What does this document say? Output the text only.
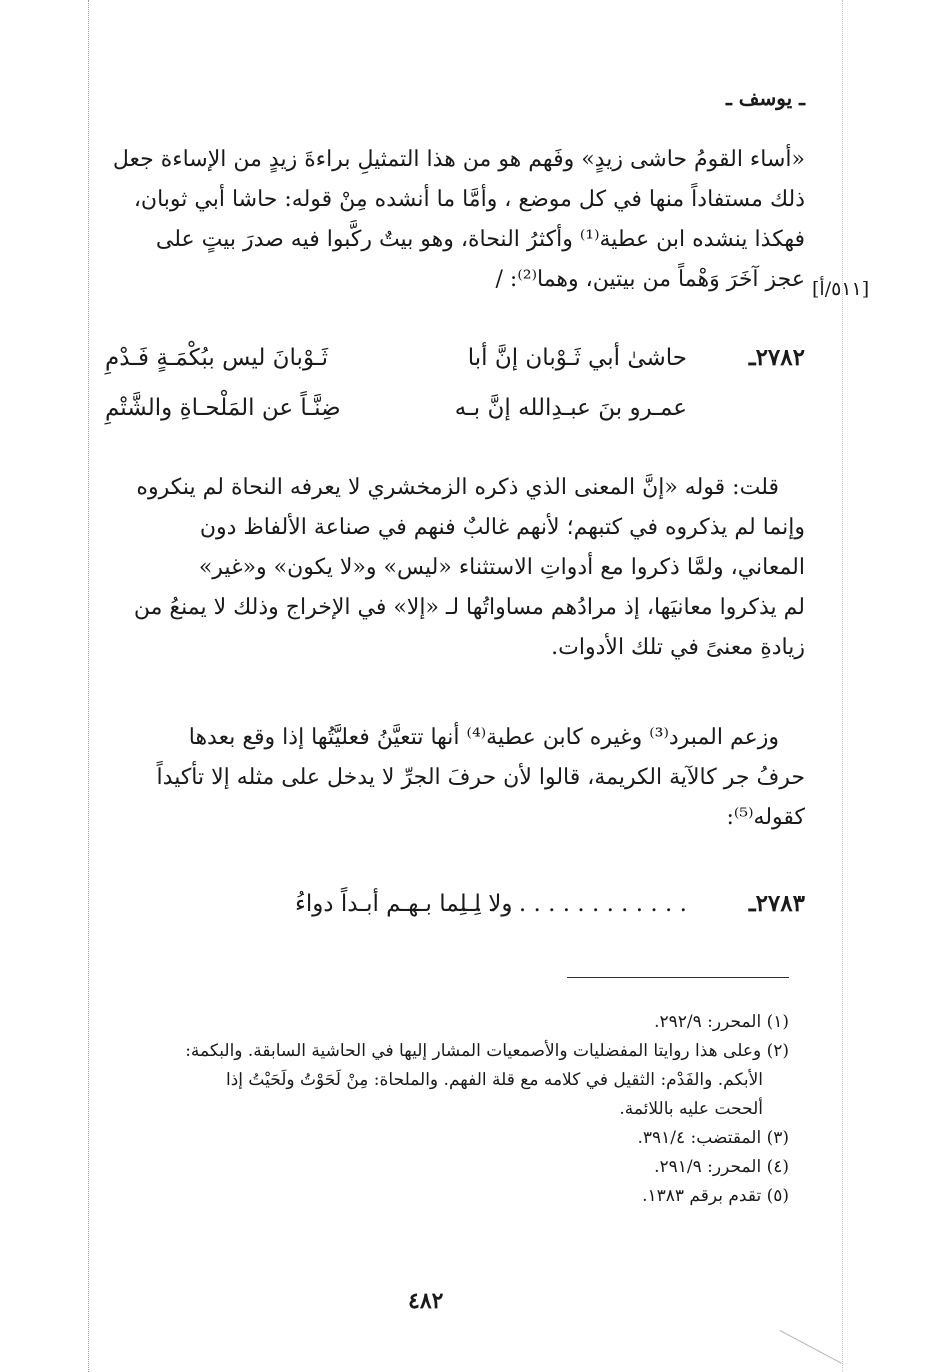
ـ يوسف ـ
[٥١١/أ]
«أساء القومُ حاشى زيدٍ» وفَهم هو من هذا التمثيلِ براءةَ زيدٍ من الإساءة جعل
ذلك مستفاداً منها في كل موضع ، وأمَّا ما أنشده مِنْ قوله: حاشا أبي ثوبان،
فهكذا ينشده ابن عطية⁽¹⁾ وأكثرُ النحاة، وهو بيتٌ ركَّبوا فيه صدرَ بيتٍ على
عجز آخَرَ وَهْماً من بيتين، وهما⁽²⁾: /
٢٧٨٢ـ
حاشىٰ أبي ثَـوْبان إنَّ أبا
ثَـوْبانَ ليس ببُكْمَـةٍ فَـدْمِ
عمـرو بنَ عبـدِالله إنَّ بـه
ضِنَّـاً عن المَلْحـاةِ والشَّتْمِ
قلت: قوله «إنَّ المعنى الذي ذكره الزمخشري لا يعرفه النحاة لم ينكروه
وإنما لم يذكروه في كتبهم؛ لأنهم غالبٌ فنهم في صناعة الألفاظ دون
المعاني، ولمَّا ذكروا مع أدواتِ الاستثناء «ليس» و«لا يكون» و«غير»
لم يذكروا معانيَها، إذ مرادُهم مساواتُها لـ «إلا» في الإخراج وذلك لا يمنعُ من
زيادةِ معنىً في تلك الأدوات.
وزعم المبرد⁽³⁾ وغيره كابن عطية⁽⁴⁾ أنها تتعيَّنُ فعليَّتُها إذا وقع بعدها
حرفُ جر كالآية الكريمة، قالوا لأن حرفَ الجرِّ لا يدخل على مثله إلا تأكيداً
كقوله⁽⁵⁾:
٢٧٨٣ـ
. . . . . . . . . . . . . . . .
ولا لِـلِما بـهـم أبـداً دواءُ
(١) المحرر: ٢٩٢/٩.
(٢) وعلى هذا روايتا المفضليات والأصمعيات المشار إليها في الحاشية السابقة. والبكمة:
الأبكم. والفَدْم: الثقيل في كلامه مع قلة الفهم. والملحاة: مِنْ لَحَوْتُ ولَحَيْتُ إذا
ألححت عليه باللائمة.
(٣) المقتضب: ٣٩١/٤.
(٤) المحرر: ٢٩١/٩.
(٥) تقدم برقم ١٣٨٣.
٤٨٢
